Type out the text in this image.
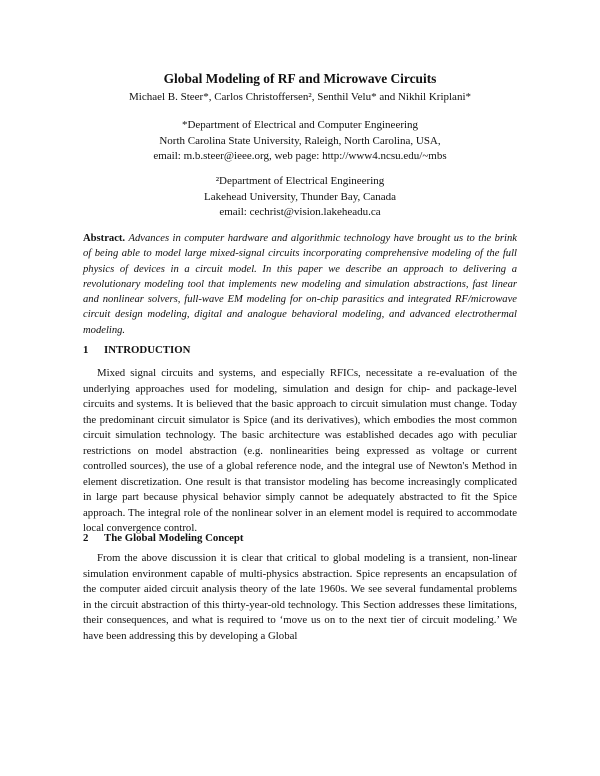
Global Modeling of RF and Microwave Circuits
Michael B. Steer*, Carlos Christoffersen², Senthil Velu* and Nikhil Kriplani*
*Department of Electrical and Computer Engineering
North Carolina State University, Raleigh, North Carolina, USA,
email: m.b.steer@ieee.org, web page: http://www4.ncsu.edu/~mbs
²Department of Electrical Engineering
Lakehead University, Thunder Bay, Canada
email: cechrist@vision.lakeheadu.ca
Abstract. Advances in computer hardware and algorithmic technology have brought us to the brink of being able to model large mixed-signal circuits incorporating comprehensive modeling of the full physics of devices in a circuit model. In this paper we describe an approach to delivering a revolutionary modeling tool that implements new modeling and simulation abstractions, fast linear and nonlinear solvers, full-wave EM modeling for on-chip parasitics and integrated RF/microwave circuit design modeling, digital and analogue behavioral modeling, and advanced electrothermal modeling.
1 INTRODUCTION
Mixed signal circuits and systems, and especially RFICs, necessitate a re-evaluation of the underlying approaches used for modeling, simulation and design for chip- and package-level circuits and systems. It is believed that the basic approach to circuit simulation must change. Today the predominant circuit simulator is Spice (and its derivatives), which embodies the most common circuit simulation technology. The basic architecture was established decades ago with peculiar restrictions on model abstraction (e.g. nonlinearities being expressed as voltage or current controlled sources), the use of a global reference node, and the integral use of Newton's Method in element discretization. One result is that transistor modeling has become increasingly complicated in large part because physical behavior simply cannot be adequately abstracted to fit the Spice approach. The integral role of the nonlinear solver in an element model is required to accommodate local convergence control.
2 The Global Modeling Concept
From the above discussion it is clear that critical to global modeling is a transient, non-linear simulation environment capable of multi-physics abstraction. Spice represents an encapsulation of the computer aided circuit analysis theory of the late 1960s. We see several fundamental problems in the circuit abstraction of this thirty-year-old technology. This Section addresses these limitations, their consequences, and what is required to ‘move us on to the next tier of circuit modeling.’ We have been addressing this by developing a Global
